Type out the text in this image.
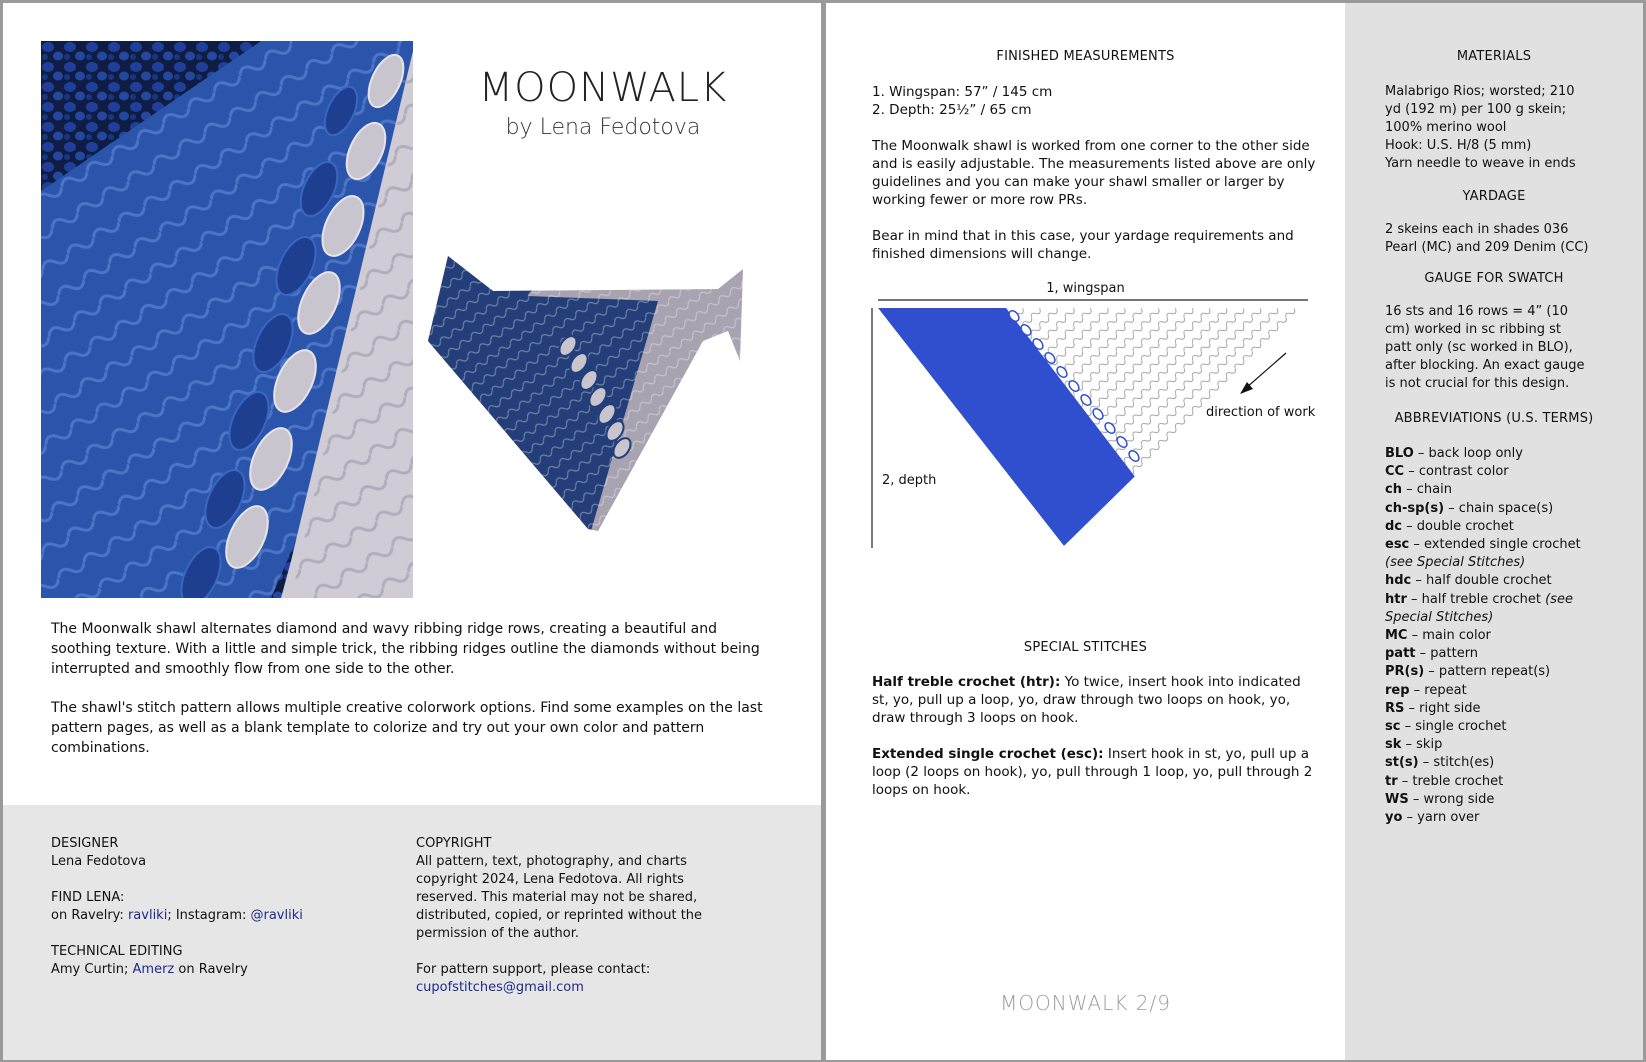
MOONWALK
by Lena Fedotova

The Moonwalk shawl alternates diamond and wavy ribbing ridge rows, creating a beautiful and soothing texture. With a little and simple trick, the ribbing ridges outline the diamonds without being interrupted and smoothly flow from one side to the other.

The shawl's stitch pattern allows multiple creative colorwork options. Find some examples on the last pattern pages, as well as a blank template to colorize and try out your own color and pattern combinations.

DESIGNER
Lena Fedotova
FIND LENA:
on Ravelry: ravliki; Instagram: @ravliki
TECHNICAL EDITING
Amy Curtin; Amerz on Ravelry
COPYRIGHT
All pattern, text, photography, and charts copyright 2024, Lena Fedotova. All rights reserved. This material may not be shared, distributed, copied, or reprinted without the permission of the author.
For pattern support, please contact:
cupofstitches@gmail.com
FINISHED MEASUREMENTS
1. Wingspan: 57” / 145 cm
2. Depth: 25½” / 65 cm

The Moonwalk shawl is worked from one corner to the other side and is easily adjustable. The measurements listed above are only guidelines and you can make your shawl smaller or larger by working fewer or more row PRs.

Bear in mind that in this case, your yardage requirements and finished dimensions will change.

1, wingspan
2, depth
direction of work
SPECIAL STITCHES

Half treble crochet (htr): Yo twice, insert hook into indicated st, yo, pull up a loop, yo, draw through two loops on hook, yo, draw through 3 loops on hook.

Extended single crochet (esc): Insert hook in st, yo, pull up a loop (2 loops on hook), yo, pull through 1 loop, yo, pull through 2 loops on hook.

MOONWALK 2/9
MATERIALS
Malabrigo Rios; worsted; 210 yd (192 m) per 100 g skein; 100% merino wool
Hook: U.S. H/8 (5 mm)
Yarn needle to weave in ends
YARDAGE
2 skeins each in shades 036 Pearl (MC) and 209 Denim (CC)
GAUGE FOR SWATCH
16 sts and 16 rows = 4” (10 cm) worked in sc ribbing st patt only (sc worked in BLO), after blocking. An exact gauge is not crucial for this design.
ABBREVIATIONS (U.S. TERMS)
BLO – back loop only
CC – contrast color
ch – chain
ch-sp(s) – chain space(s)
dc – double crochet
esc – extended single crochet (see Special Stitches)
hdc – half double crochet
htr – half treble crochet (see Special Stitches)
MC – main color
patt – pattern
PR(s) – pattern repeat(s)
rep – repeat
RS – right side
sc – single crochet
sk – skip
st(s) – stitch(es)
tr – treble crochet
WS – wrong side
yo – yarn over
